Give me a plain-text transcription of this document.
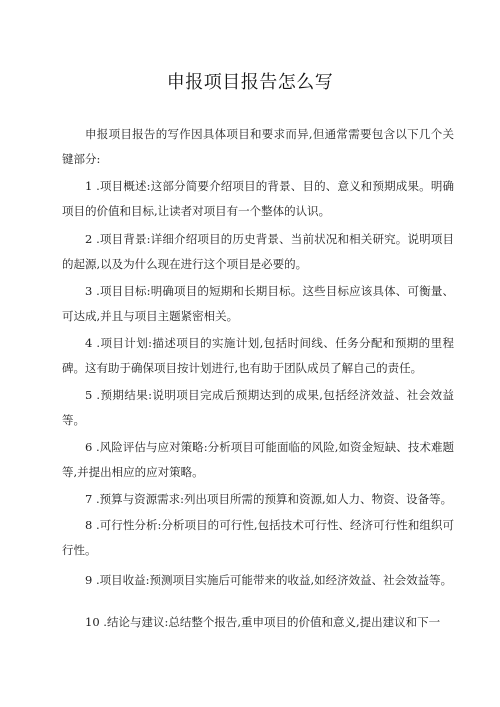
申报项目报告怎么写

申报项目报告的写作因具体项目和要求而异,但通常需要包含以下几个关键部分:

1 .项目概述:这部分简要介绍项目的背景、目的、意义和预期成果。明确项目的价值和目标,让读者对项目有一个整体的认识。

2 .项目背景:详细介绍项目的历史背景、当前状况和相关研究。说明项目的起源,以及为什么现在进行这个项目是必要的。

3 .项目目标:明确项目的短期和长期目标。这些目标应该具体、可衡量、可达成,并且与项目主题紧密相关。

4 .项目计划:描述项目的实施计划,包括时间线、任务分配和预期的里程碑。这有助于确保项目按计划进行,也有助于团队成员了解自己的责任。

5 .预期结果:说明项目完成后预期达到的成果,包括经济效益、社会效益等。

6 .风险评估与应对策略:分析项目可能面临的风险,如资金短缺、技术难题等,并提出相应的应对策略。

7 .预算与资源需求:列出项目所需的预算和资源,如人力、物资、设备等。

8 .可行性分析:分析项目的可行性,包括技术可行性、经济可行性和组织可行性。

9 .项目收益:预测项目实施后可能带来的收益,如经济效益、社会效益等。

10 .结论与建议:总结整个报告,重申项目的价值和意义,提出建议和下一
